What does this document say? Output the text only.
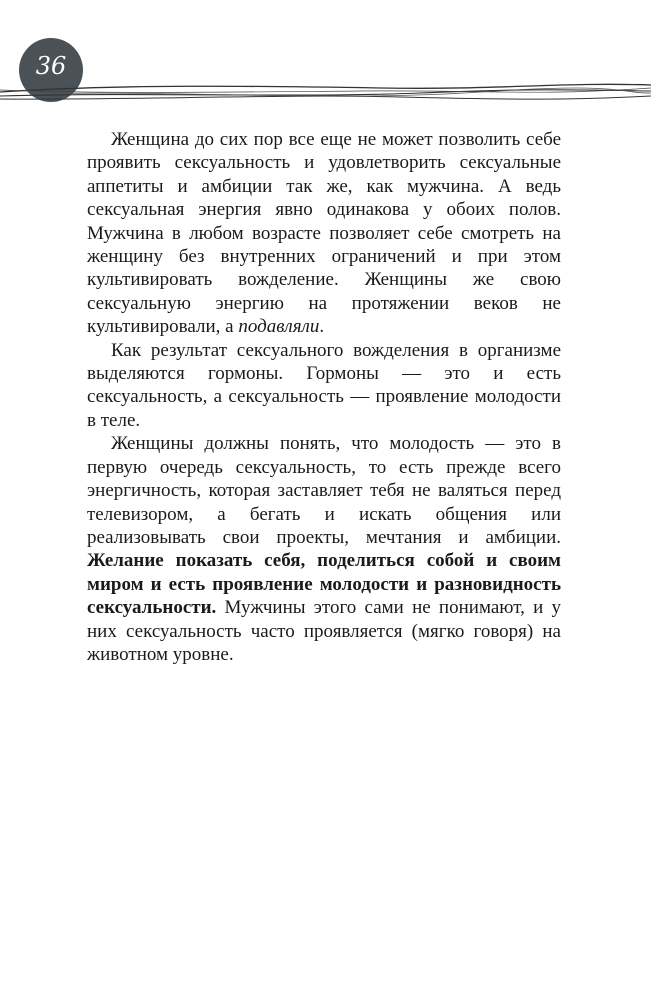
36

Женщина до сих пор все еще не может позволить себе проявить сексуальность и удовлетворить сексуальные аппетиты и амбиции так же, как мужчина. А ведь сексуальная энергия явно одинакова у обоих полов. Мужчина в любом возрасте позволяет себе смотреть на женщину без внутренних ограничений и при этом культивировать вожделение. Женщины же свою сексуальную энергию на протяжении веков не культивировали, а подавляли.

Как результат сексуального вожделения в организме выделяются гормоны. Гормоны — это и есть сексуальность, а сексуальность — проявление молодости в теле.

Женщины должны понять, что молодость — это в первую очередь сексуальность, то есть прежде всего энергичность, которая заставляет тебя не валяться перед телевизором, а бегать и искать общения или реализовывать свои проекты, мечтания и амбиции. Желание показать себя, поделиться собой и своим миром и есть проявление молодости и разновидность сексуальности. Мужчины этого сами не понимают, и у них сексуальность часто проявляется (мягко говоря) на животном уровне.
